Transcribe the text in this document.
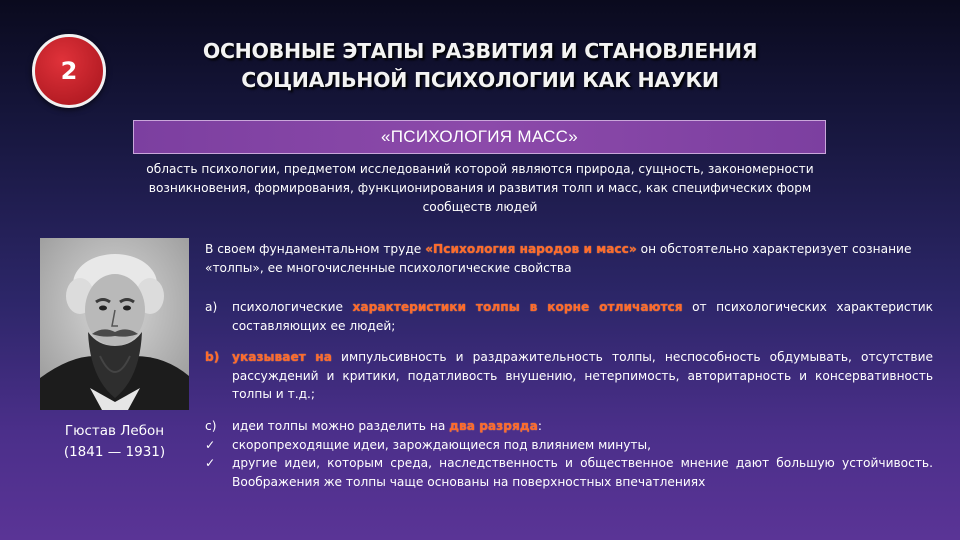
2
ОСНОВНЫЕ ЭТАПЫ РАЗВИТИЯ И СТАНОВЛЕНИЯ
СОЦИАЛЬНОЙ ПСИХОЛОГИИ КАК НАУКИ
«ПСИХОЛОГИЯ МАСС»
область психологии, предметом исследований которой являются природа, сущность, закономерности возникновения, формирования, функционирования и развития толп и масс, как специфических форм сообществ людей
Гюстав Лебон
(1841 — 1931)
В своем фундаментальном труде «Психология народов и масс» он обстоятельно характеризует сознание «толпы», ее многочисленные психологические свойства
а)	психологические характеристики толпы в корне отличаются от психологических характеристик составляющих ее людей;
b)	указывает на импульсивность и раздражительность толпы, неспособность обдумывать, отсутствие рассуждений и критики, податливость внушению, нетерпимость, авторитарность и консервативность толпы и т.д.;
с)	идеи толпы можно разделить на два разряда:
✓	скоропреходящие идеи, зарождающиеся под влиянием минуты,
✓	другие идеи, которым среда, наследственность и общественное мнение дают большую устойчивость. Воображения же толпы чаще основаны на поверхностных впечатлениях
